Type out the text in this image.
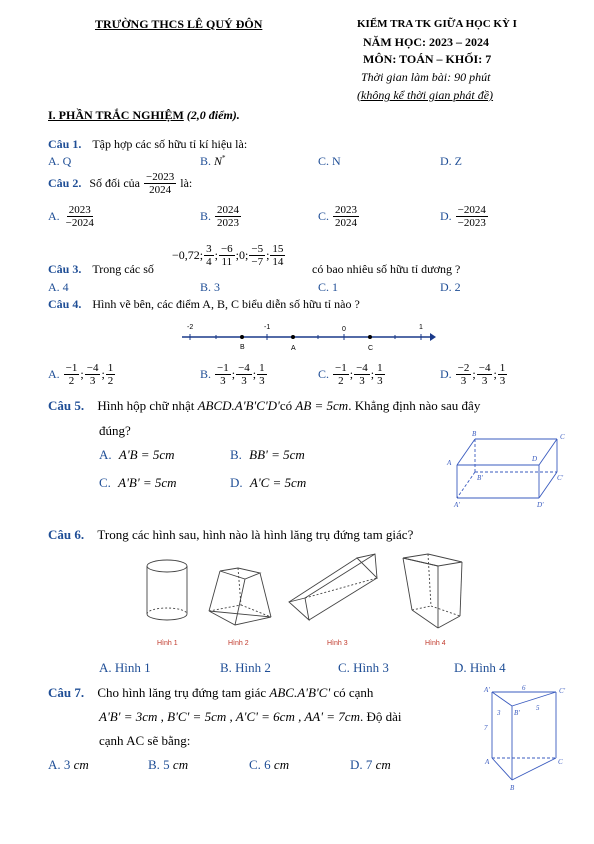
TRƯỜNG THCS LÊ QUÝ ĐÔN	KIỂM TRA TK GIỮA HỌC KỲ I
NĂM HỌC: 2023 – 2024
MÔN: TOÁN – KHỐI: 7
Thời gian làm bài: 90 phút
(không kể thời gian phát đề)
I. PHẦN TRẮC NGHIỆM (2,0 điểm).
Câu 1. Tập hợp các số hữu tỉ kí hiệu là:
A. Q	B. N*	C. N	D. Z
Câu 2. Số đối của $\frac{-2023}{2024}$ là:
A. $\frac{2023}{-2024}$	B. $\frac{2024}{2023}$	C. $\frac{2023}{2024}$	D. $\frac{-2024}{-2023}$
Câu 3. Trong các số
−0,72; $\frac{3}{4}$ ; $\frac{-6}{11}$ ; 0; $\frac{-5}{-7}$ ; $\frac{15}{14}$
có bao nhiêu số hữu tỉ dương ?
A. 4	B. 3	C. 1	D. 2
Câu 4. Hình vẽ bên, các điểm A, B, C biểu diễn số hữu tỉ nào ?
-2	-1	0	1
B	A	C
A. $\frac{-1}{2}$ ; $\frac{-4}{3}$ ; $\frac{1}{2}$	B. $\frac{-1}{3}$ ; $\frac{-4}{3}$ ; $\frac{1}{3}$	C. $\frac{-1}{2}$ ; $\frac{-4}{3}$ ; $\frac{1}{3}$	D. $\frac{-2}{3}$ ; $\frac{-4}{3}$ ; $\frac{1}{3}$
Câu 5. Hình hộp chữ nhật ABCD.A'B'C'D'có AB = 5cm. Khẳng định nào sau đây
đúng?
A. A'B = 5cm	B. BB' = 5cm
C. A'B' = 5cm	D. A'C = 5cm
B	C
A	D
B'	C'
A'	D'
Câu 6. Trong các hình sau, hình nào là hình lăng trụ đứng tam giác?
Hình 1	Hình 2	Hình 3	Hình 4
A. Hình 1	B. Hình 2	C. Hình 3	D. Hình 4
Câu 7. Cho hình lăng trụ đứng tam giác ABC.A'B'C' có cạnh
A'B' = 3cm , B'C' = 5cm , A'C' = 6cm , AA' = 7cm. Độ dài
cạnh AC sẽ bằng:
A. 3 cm	B. 5 cm	C. 6 cm	D. 7 cm
A'	6	C'
3 B'
5
7
A	C
B
